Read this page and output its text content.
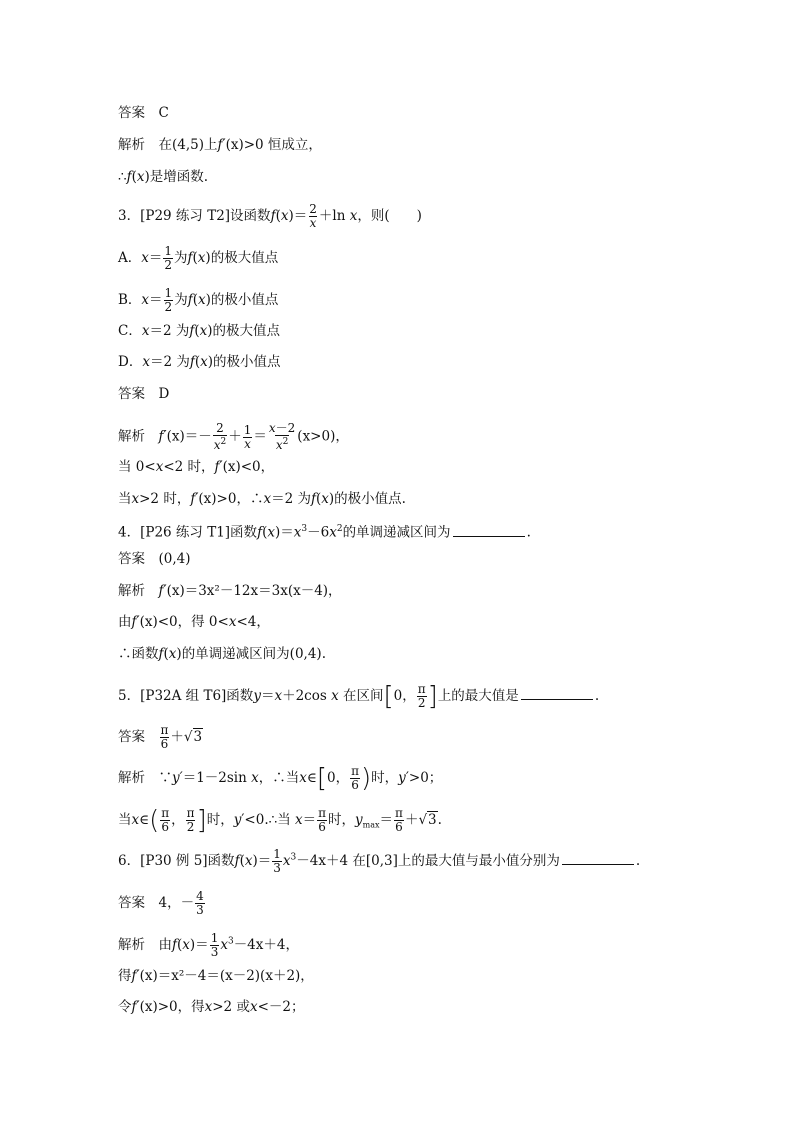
答案　 C
解析　 在(4,5)上f′(x)>0 恒成立，
∴f(x)是增函数.
3．[P29 练习 T2]设函数$f(x)= \frac{2}{x} +\ln$ x，则(　　)
A．$x= \frac{1}{2}$ 为f(x)的极大值点
B．$x= \frac{1}{2}$ 为f(x)的极小值点
C．x＝2 为f(x)的极大值点
D．x＝2 为f(x)的极小值点
答案　 D
解析　 $f'(x)=- \frac{2}{x^2} + \frac{1}{x} = \frac{x-2}{x^2} (x>0)$，
当 0<x<2 时，f′(x)<0，
当x>2 时，f′(x)>0，∴x＝2 为f(x)的极小值点.
4．[P26 练习 T1]函数$f(x)=x^3-6x^2$的单调递减区间为	.
答案　 (0,4)
解析　 f′(x)＝3x²－12x＝3x(x－4)，
由f′(x)<0，得 0<x<4，
∴函数f(x)的单调递减区间为(0,4).
5．[P32A 组 T6]函数y＝x＋2cos x 在区间[0， $\frac{\pi}{2}$ ]上的最大值是	.
答案　 $\frac{\pi}{6} +√3$
解析　 ∵y′＝1－2sin x，∴当x∈[0， $\frac{\pi}{6}$ )时，y′>0；
当x∈( $\frac{\pi}{6}$ ， $\frac{\pi}{2}$ ]时，y′<0.∴当 $x= \frac{\pi}{6}$ 时，$y_{max}= \frac{\pi}{6} +√3$.
6．[P30 例 5]函数$f(x)= \frac{1}{3} x^3-4x+4$ 在[0,3]上的最大值与最小值分别为	.
答案　 4，－ $\frac{4}{3}$
解析　 由$f(x)= \frac{1}{3} x^3-4x+4$，
得f′(x)＝x²－4＝(x－2)(x＋2)，
令f′(x)>0，得x>2 或x<－2；
